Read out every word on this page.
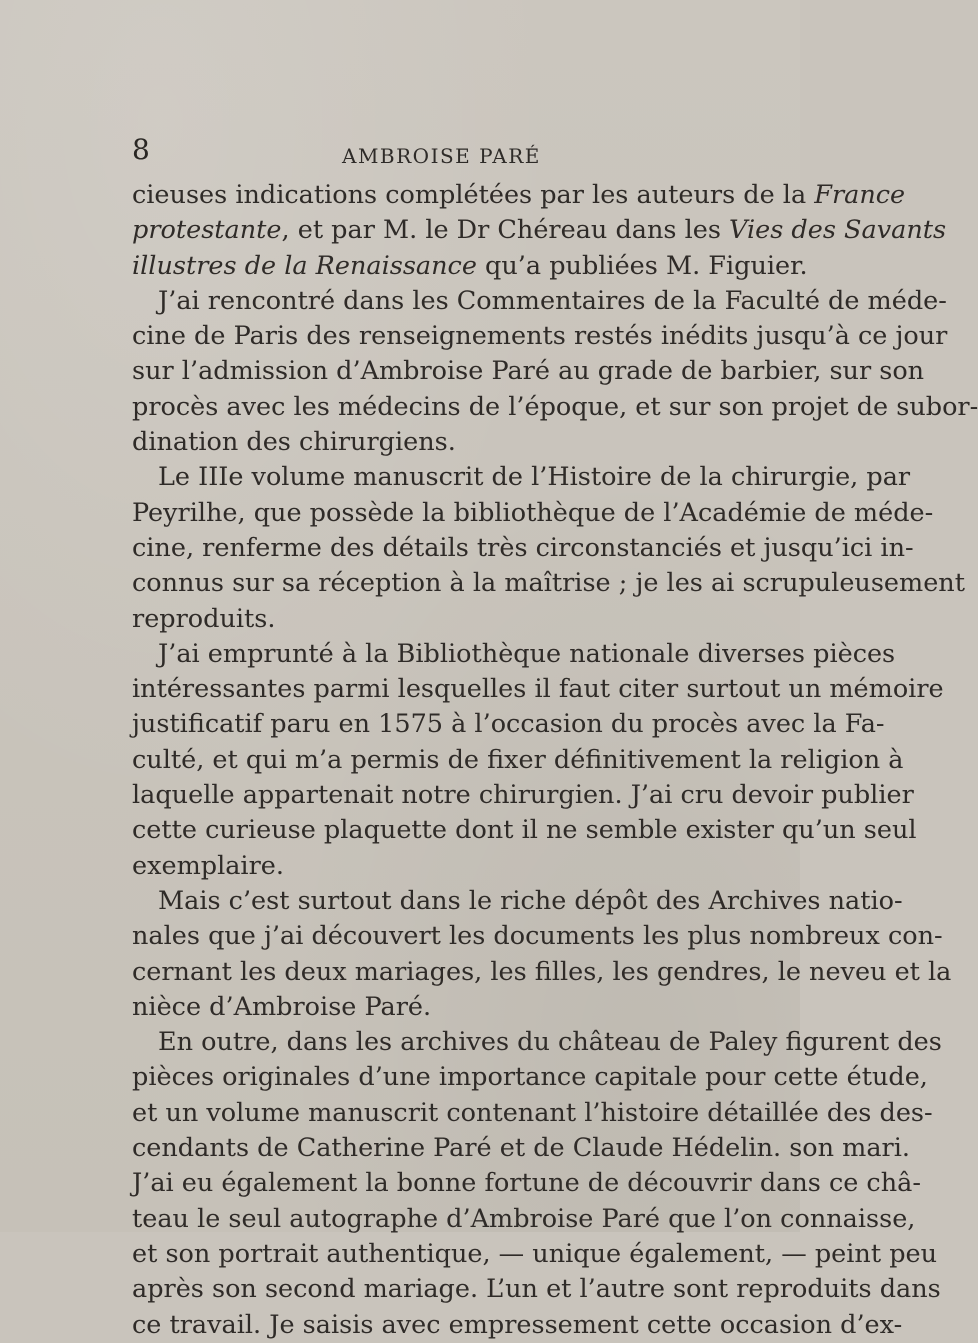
8	AMBROISE PARÉ
cieuses indications complétées par les auteurs de la France
protestante, et par M. le Dr Chéreau dans les Vies des Savants
illustres de la Renaissance qu’a publiées M. Figuier.
J’ai rencontré dans les Commentaires de la Faculté de méde-
cine de Paris des renseignements restés inédits jusqu’à ce jour
sur l’admission d’Ambroise Paré au grade de barbier, sur son
procès avec les médecins de l’époque, et sur son projet de subor-
dination des chirurgiens.
Le IIIe volume manuscrit de l’Histoire de la chirurgie, par
Peyrilhe, que possède la bibliothèque de l’Académie de méde-
cine, renferme des détails très circonstanciés et jusqu’ici in-
connus sur sa réception à la maîtrise ; je les ai scrupuleusement
reproduits.
J’ai emprunté à la Bibliothèque nationale diverses pièces
intéressantes parmi lesquelles il faut citer surtout un mémoire
justificatif paru en 1575 à l’occasion du procès avec la Fa-
culté, et qui m’a permis de fixer définitivement la religion à
laquelle appartenait notre chirurgien. J’ai cru devoir publier
cette curieuse plaquette dont il ne semble exister qu’un seul
exemplaire.
Mais c’est surtout dans le riche dépôt des Archives natio-
nales que j’ai découvert les documents les plus nombreux con-
cernant les deux mariages, les filles, les gendres, le neveu et la
nièce d’Ambroise Paré.
En outre, dans les archives du château de Paley figurent des
pièces originales d’une importance capitale pour cette étude,
et un volume manuscrit contenant l’histoire détaillée des des-
cendants de Catherine Paré et de Claude Hédelin. son mari.
J’ai eu également la bonne fortune de découvrir dans ce châ-
teau le seul autographe d’Ambroise Paré que l’on connaisse,
et son portrait authentique, — unique également, — peint peu
après son second mariage. L’un et l’autre sont reproduits dans
ce travail. Je saisis avec empressement cette occasion d’ex-
